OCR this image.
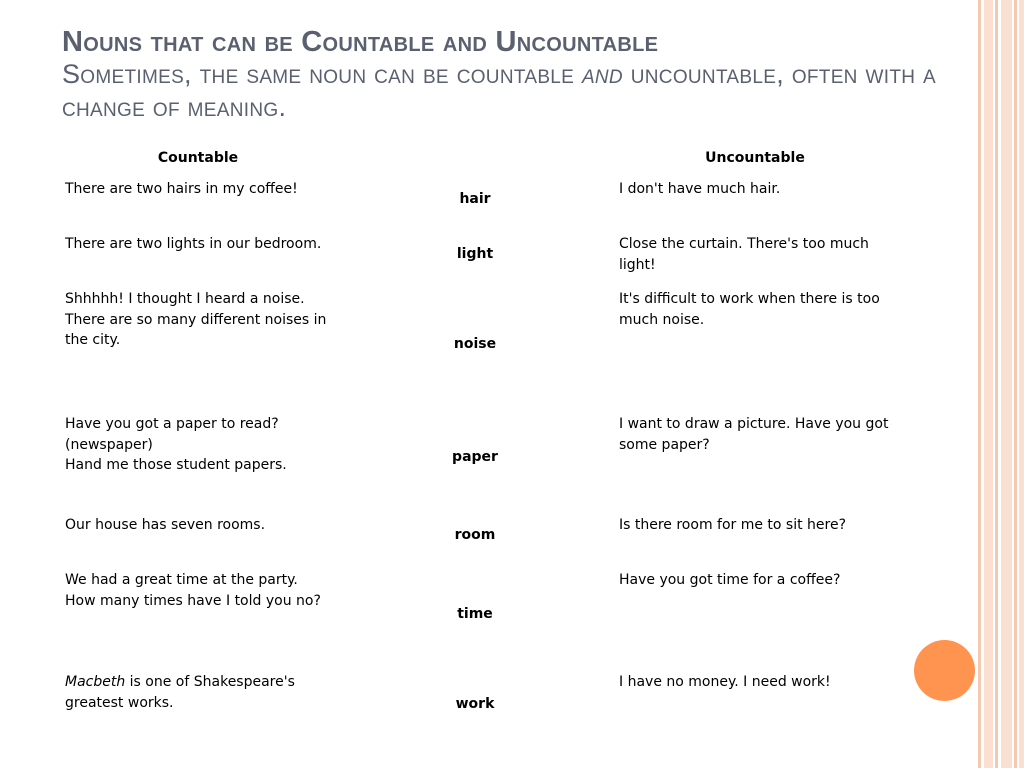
Nouns that can be Countable and Uncountable
Sometimes, the same noun can be countable and uncountable, often with a change of meaning.
Countable		Uncountable

There are two hairs in my coffee!	hair	I don't have much hair.

There are two lights in our bedroom.	light	Close the curtain. There's too much light!

Shhhhh! I thought I heard a noise.
There are so many different noises in the city.	noise	It's difficult to work when there is too much noise.

Have you got a paper to read? (newspaper)
Hand me those student papers.	paper	I want to draw a picture. Have you got some paper?

Our house has seven rooms.	room	Is there room for me to sit here?

We had a great time at the party.
How many times have I told you no?	time	Have you got time for a coffee?

Macbeth is one of Shakespeare's greatest works.	work	I have no money. I need work!
